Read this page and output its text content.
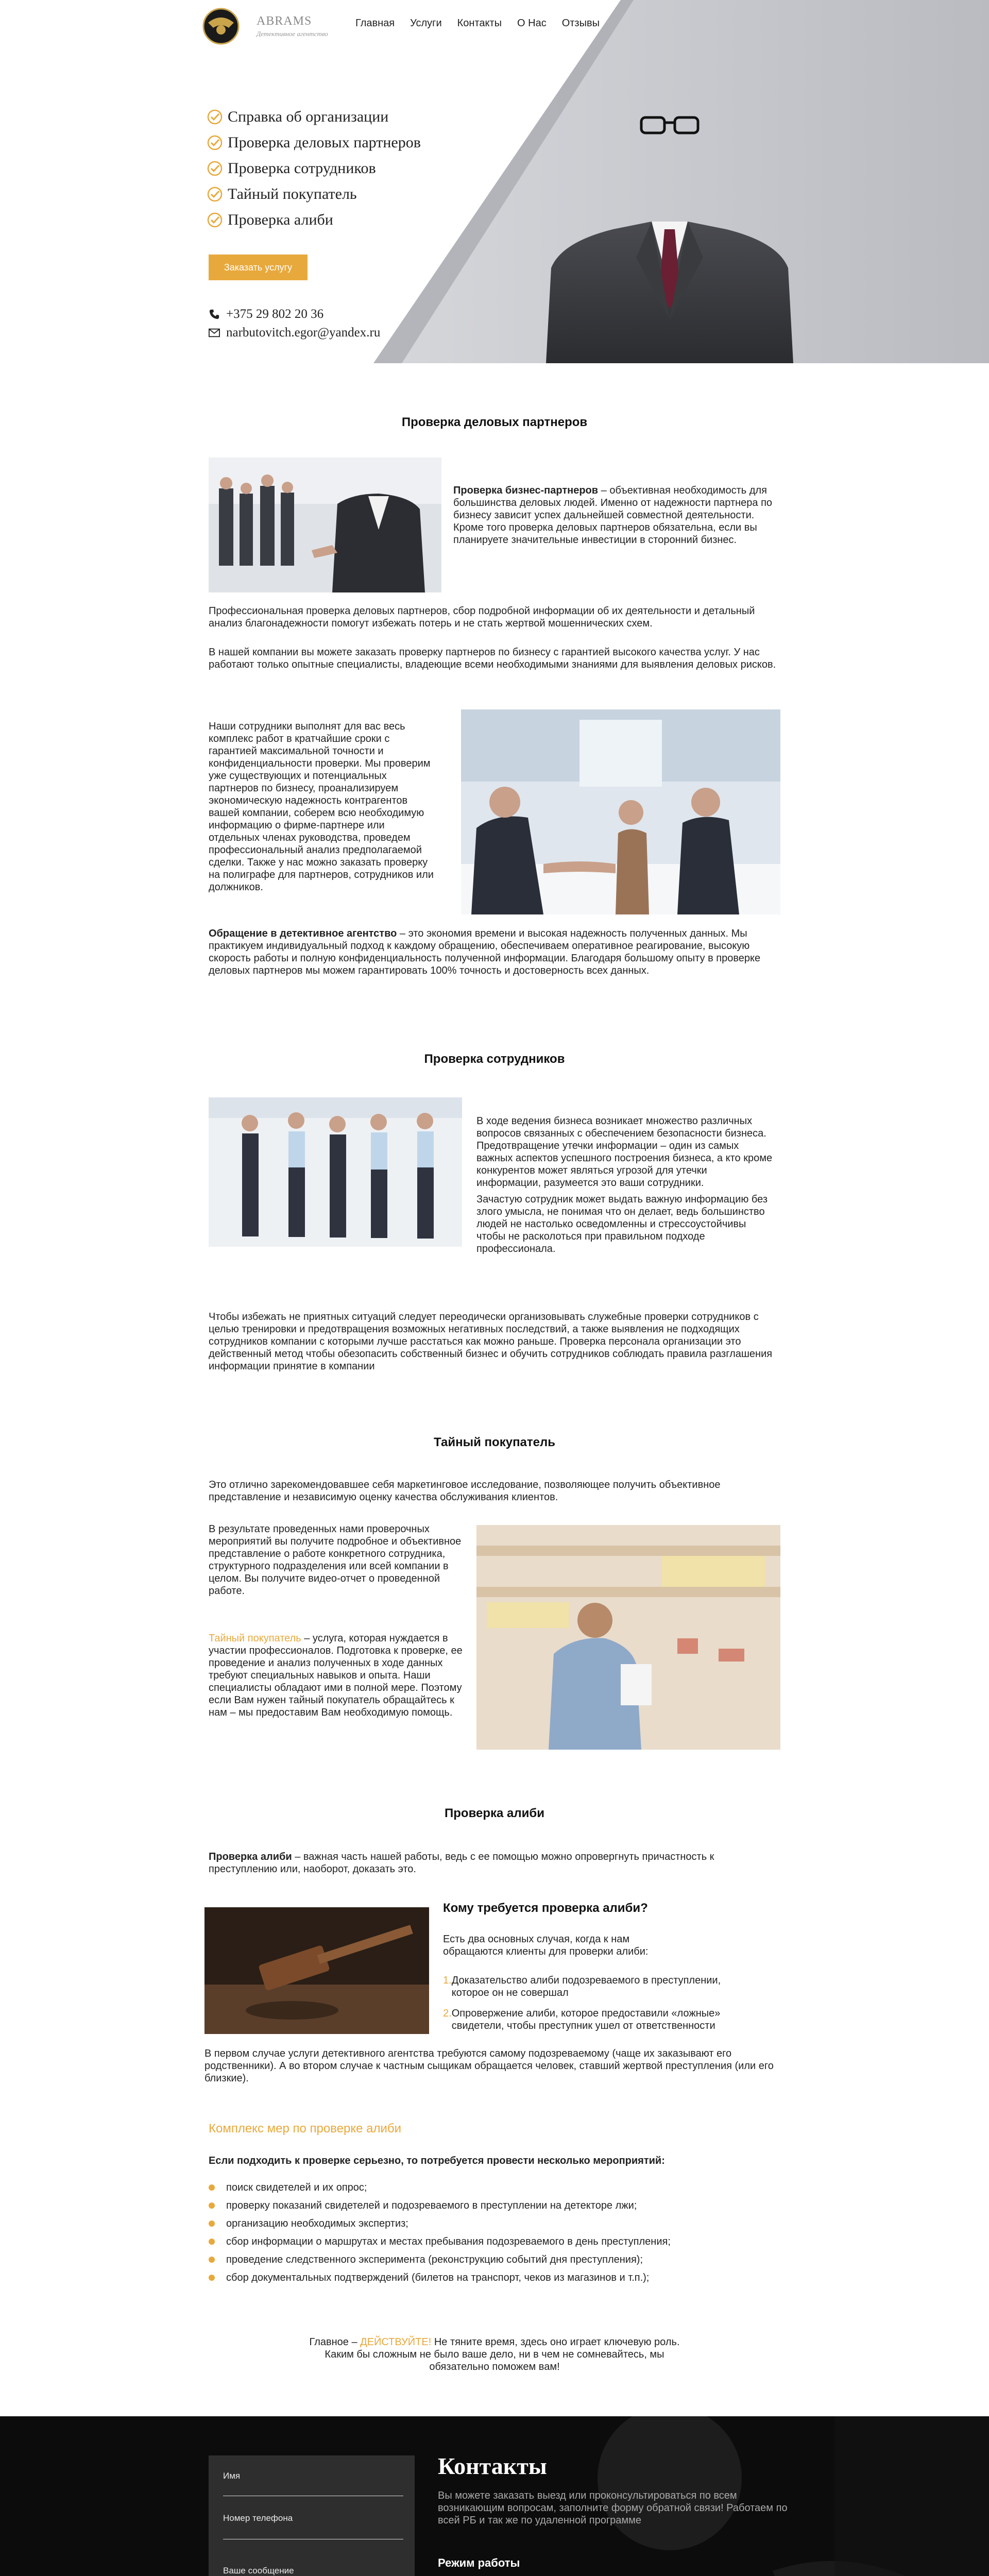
ABRAMS
Детективное агентство
Главная Услуги Контакты О Нас Отзывы
Справка об организации
Проверка деловых партнеров
Проверка сотрудников
Тайный покупатель
Проверка алиби
Заказать услугу
+375 29 802 20 36
narbutovitch.egor@yandex.ru
Проверка деловых партнеров
Проверка бизнес-партнеров – объективная необходимость для большинства деловых людей. Именно от надежности партнера по бизнесу зависит успех дальнейшей совместной деятельности. Кроме того проверка деловых партнеров обязательна, если вы планируете значительные инвестиции в сторонний бизнес.
Профессиональная проверка деловых партнеров, сбор подробной информации об их деятельности и детальный анализ благонадежности помогут избежать потерь и не стать жертвой мошеннических схем.
В нашей компании вы можете заказать проверку партнеров по бизнесу с гарантией высокого качества услуг. У нас работают только опытные специалисты, владеющие всеми необходимыми знаниями для выявления деловых рисков.
Наши сотрудники выполнят для вас весь комплекс работ в кратчайшие сроки с гарантией максимальной точности и конфиденциальности проверки. Мы проверим уже существующих и потенциальных партнеров по бизнесу, проанализируем экономическую надежность контрагентов вашей компании, соберем всю необходимую информацию о фирме-партнере или отдельных членах руководства, проведем профессиональный анализ предполагаемой сделки. Также у нас можно заказать проверку на полиграфе для партнеров, сотрудников или должников.
Обращение в детективное агентство – это экономия времени и высокая надежность полученных данных. Мы практикуем индивидуальный подход к каждому обращению, обеспечиваем оперативное реагирование, высокую скорость работы и полную конфиденциальность полученной информации. Благодаря большому опыту в проверке деловых партнеров мы можем гарантировать 100% точность и достоверность всех данных.
Проверка сотрудников
В ходе ведения бизнеса возникает множество различных вопросов связанных с обеспечением безопасности бизнеса.
Предотвращение утечки информации – один из самых важных аспектов успешного построения бизнеса, а кто кроме конкурентов может являться угрозой для утечки информации, разумеется это ваши сотрудники.
Зачастую сотрудник может выдать важную информацию без злого умысла, не понимая что он делает, ведь большинство людей не настолько осведомленны и стрессоустойчивы чтобы не расколоться при правильном подходе профессионала.
Чтобы избежать не приятных ситуаций следует переодически организовывать служебные проверки сотрудников с целью тренировки и предотвращения возможных негативных последствий, а также выявления не подходящих сотрудников компании с которыми лучше расстаться как можно раньше. Проверка персонала организации это действенный метод чтобы обезопасить собственный бизнес и обучить сотрудников соблюдать правила разглашения информации принятие в компании
Тайный покупатель
Это отлично зарекомендовавшее себя маркетинговое исследование, позволяющее получить объективное представление и независимую оценку качества обслуживания клиентов.
В результате проведенных нами проверочных мероприятий вы получите подробное и объективное представление о работе конкретного сотрудника, структурного подразделения или всей компании в целом. Вы получите видео-отчет о проведенной работе.
Тайный покупатель – услуга, которая нуждается в участии профессионалов. Подготовка к проверке, ее проведение и анализ полученных в ходе данных требуют специальных навыков и опыта. Наши специалисты обладают ими в полной мере. Поэтому если Вам нужен тайный покупатель обращайтесь к нам – мы предоставим Вам необходимую помощь.
Проверка алиби
Проверка алиби – важная часть нашей работы, ведь с ее помощью можно опровергнуть причастность к преступлению или, наоборот, доказать это.
Кому требуется проверка алиби?
Есть два основных случая, когда к нам обращаются клиенты для проверки алиби:
1. Доказательство алиби подозреваемого в преступлении, которое он не совершал
2. Опровержение алиби, которое предоставили «ложные» свидетели, чтобы преступник ушел от ответственности
В первом случае услуги детективного агентства требуются самому подозреваемому (чаще их заказывают его родственники). А во втором случае к частным сыщикам обращается человек, ставший жертвой преступления (или его близкие).
Комплекс мер по проверке алиби
Если подходить к проверке серьезно, то потребуется провести несколько мероприятий:
поиск свидетелей и их опрос;
проверку показаний свидетелей и подозреваемого в преступлении на детекторе лжи;
организацию необходимых экспертиз;
сбор информации о маршрутах и местах пребывания подозреваемого в день преступления;
проведение следственного эксперимента (реконструкцию событий дня преступления);
сбор документальных подтверждений (билетов на транспорт, чеков из магазинов и т.п.);
Главное – ДЕЙСТВУЙТЕ! Не тяните время, здесь оно играет ключевую роль.
Каким бы сложным не было ваше дело, ни в чем не сомневайтесь, мы
обязательно поможем вам!
Имя
Номер телефона
Ваше сообщение
Контакты
Вы можете заказать выезд или проконсультироваться по всем возникающим вопросам, заполните форму обратной связи! Работаем по всей РБ и так же по удаленной программе
Режим работы
